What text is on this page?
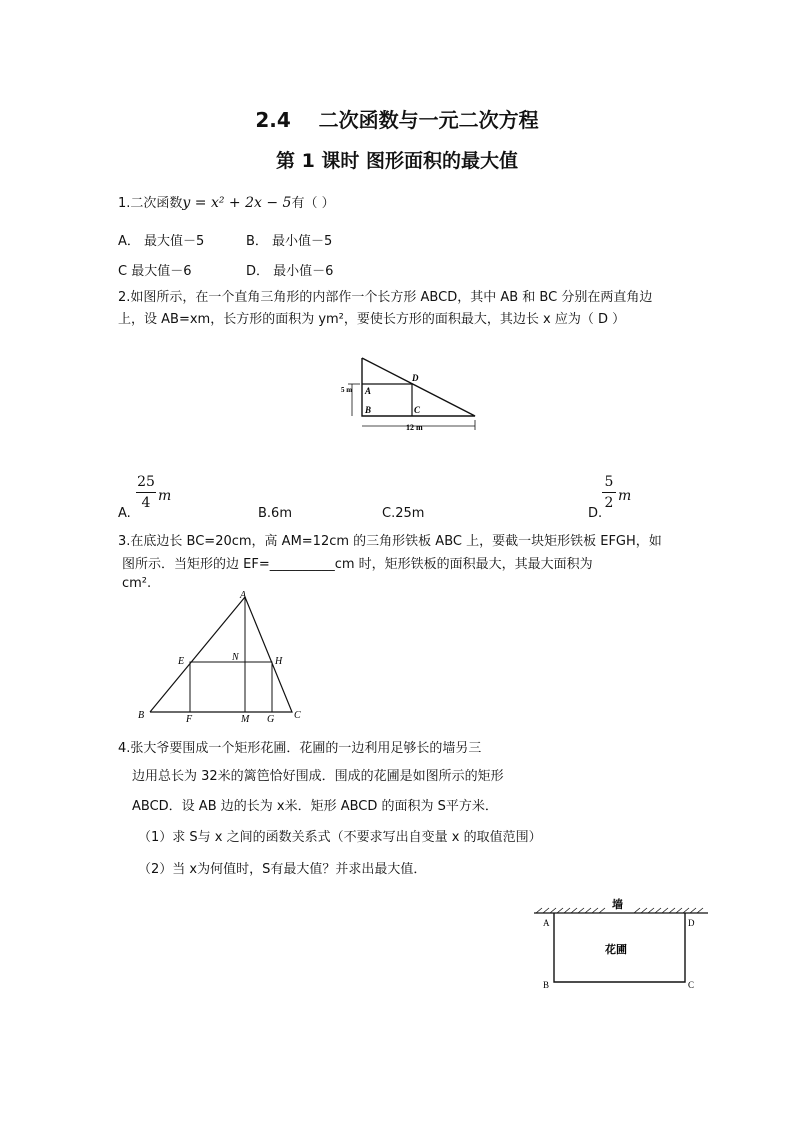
2.4 二次函数与一元二次方程
第 1 课时 图形面积的最大值
1.二次函数y = x² + 2x − 5有（ ）
A． 最大值－5	B． 最小值－5
C 最大值－6	D． 最小值－6
2.如图所示，在一个直角三角形的内部作一个长方形 ABCD，其中 AB 和 BC 分别在两直角边
上，设 AB=xm，长方形的面积为 ym²，要使长方形的面积最大，其边长 x 应为（ D ）
5 m
12 m
A
B	C
D
A.
25
4 m
B.6m	C.25m	D.
5
2 m
3.在底边长 BC=20cm，高 AM=12cm 的三角形铁板 ABC 上，要截一块矩形铁板 EFGH，如
图所示．当矩形的边 EF=__________cm 时，矩形铁板的面积最大，其最大面积为
cm².
A
B	C
E
F	G
H
M
N
4.张大爷要围成一个矩形花圃．花圃的一边利用足够长的墙另三
边用总长为 32米的篱笆恰好围成．围成的花圃是如图所示的矩形
ABCD．设 AB 边的长为 x米．矩形 ABCD 的面积为 S平方米．
（1）求 S与 x 之间的函数关系式（不要求写出自变量 x 的取值范围）
（2）当 x为何值时，S有最大值？并求出最大值．
墙
花圃
A
B	C
D
